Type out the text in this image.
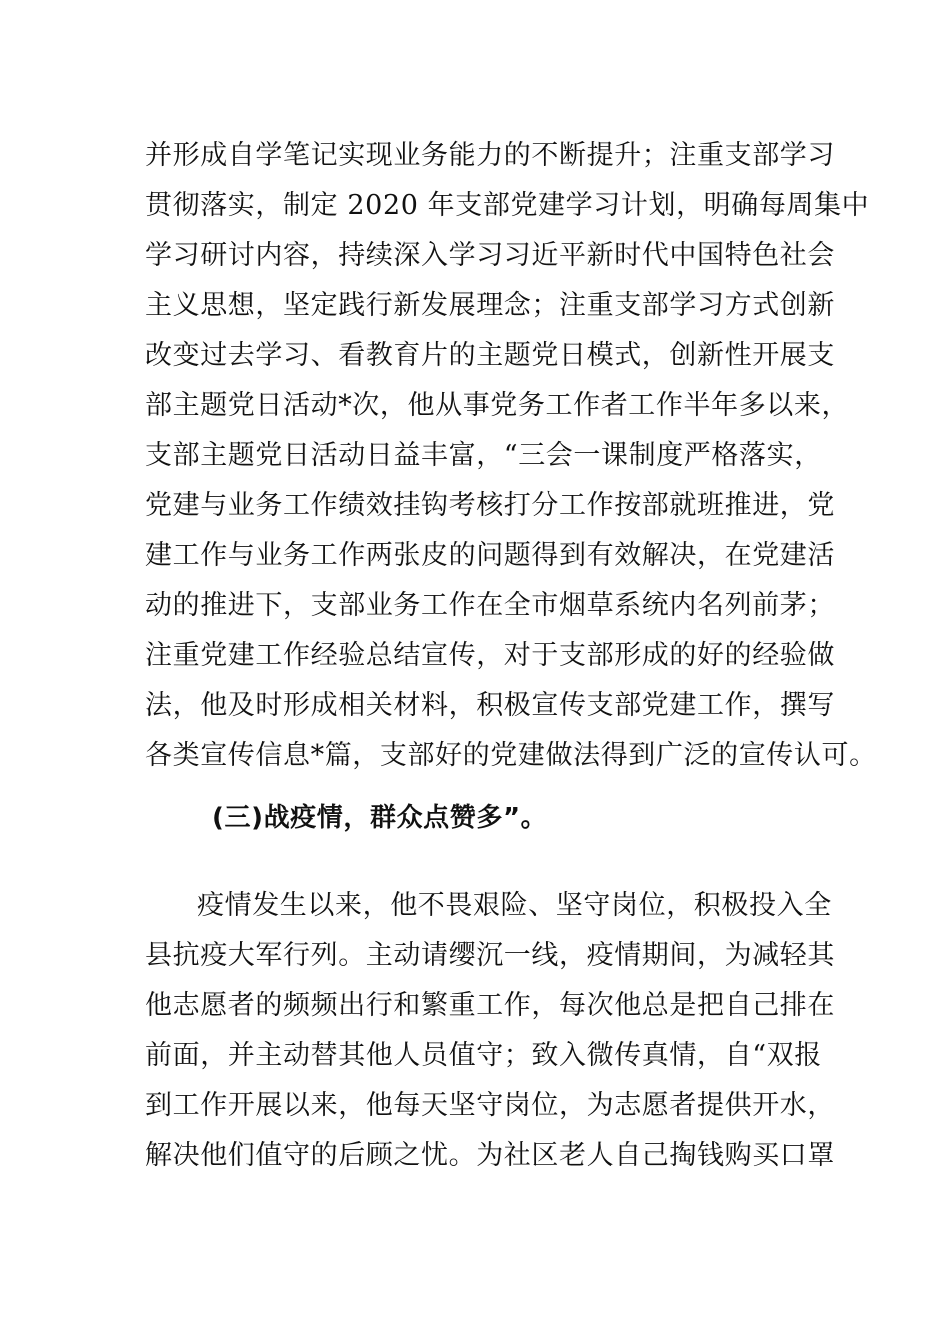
并形成自学笔记实现业务能力的不断提升；注重支部学习
贯彻落实，制定 2020 年支部党建学习计划，明确每周集中
学习研讨内容，持续深入学习习近平新时代中国特色社会
主义思想，坚定践行新发展理念；注重支部学习方式创新
改变过去学习、看教育片的主题党日模式，创新性开展支
部主题党日活动*次，他从事党务工作者工作半年多以来，
支部主题党日活动日益丰富，“三会一课制度严格落实，
党建与业务工作绩效挂钩考核打分工作按部就班推进，党
建工作与业务工作两张皮的问题得到有效解决，在党建活
动的推进下，支部业务工作在全市烟草系统内名列前茅；
注重党建工作经验总结宣传，对于支部形成的好的经验做
法，他及时形成相关材料，积极宣传支部党建工作，撰写
各类宣传信息*篇，支部好的党建做法得到广泛的宣传认可。
(三)战疫情，群众点赞多”。
疫情发生以来，他不畏艰险、坚守岗位，积极投入全
县抗疫大军行列。主动请缨沉一线，疫情期间，为减轻其
他志愿者的频频出行和繁重工作，每次他总是把自己排在
前面，并主动替其他人员值守；致入微传真情，自“双报
到工作开展以来，他每天坚守岗位，为志愿者提供开水，
解决他们值守的后顾之忧。为社区老人自己掏钱购买口罩
